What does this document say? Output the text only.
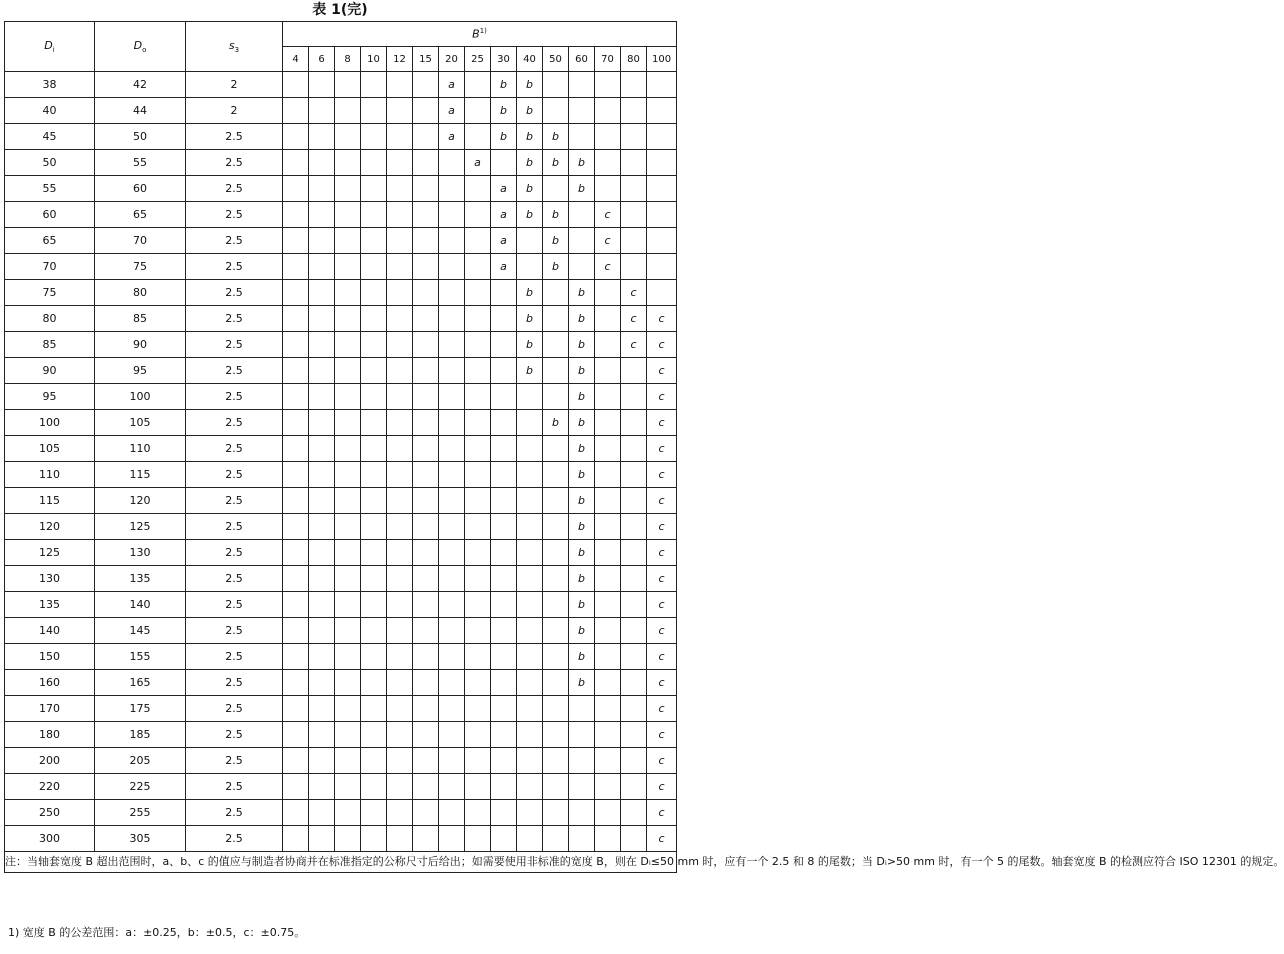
表 1(完)
$D_i$	$D_o$	$s_3$	$B^{1)}$
			4	6	8	10	12	15	20	25	30	40	50	60	70	80	100
38	42	2							a		b	b					
40	44	2							a		b	b					
45	50	2.5							a		b	b	b				
50	55	2.5								a		b	b	b			
55	60	2.5									a	b		b			
60	65	2.5									a	b	b		c		
65	70	2.5									a		b		c		
70	75	2.5									a		b		c		
75	80	2.5										b		b		c	
80	85	2.5										b		b		c	c
85	90	2.5										b		b		c	c
90	95	2.5										b		b			c
95	100	2.5												b			c
100	105	2.5											b	b			c
105	110	2.5												b			c
110	115	2.5												b			c
115	120	2.5												b			c
120	125	2.5												b			c
125	130	2.5												b			c
130	135	2.5												b			c
135	140	2.5												b			c
140	145	2.5												b			c
150	155	2.5												b			c
160	165	2.5												b			c
170	175	2.5															c
180	185	2.5															c
200	205	2.5															c
220	225	2.5															c
250	255	2.5															c
300	305	2.5															c
注：当轴套宽度 B 超出范围时，a、b、c 的值应与制造者协商并在标准指定的公称尺寸后给出；如需要使用非标准的宽度 B，则在 Dᵢ≤50 mm 时，应有一个 2.5 和 8 的尾数；当 Dᵢ>50 mm 时，有一个 5 的尾数。轴套宽度 B 的检测应符合 ISO 12301 的规定。																	
1) 宽度 B 的公差范围：a：±0.25，b：±0.5，c：±0.75。
